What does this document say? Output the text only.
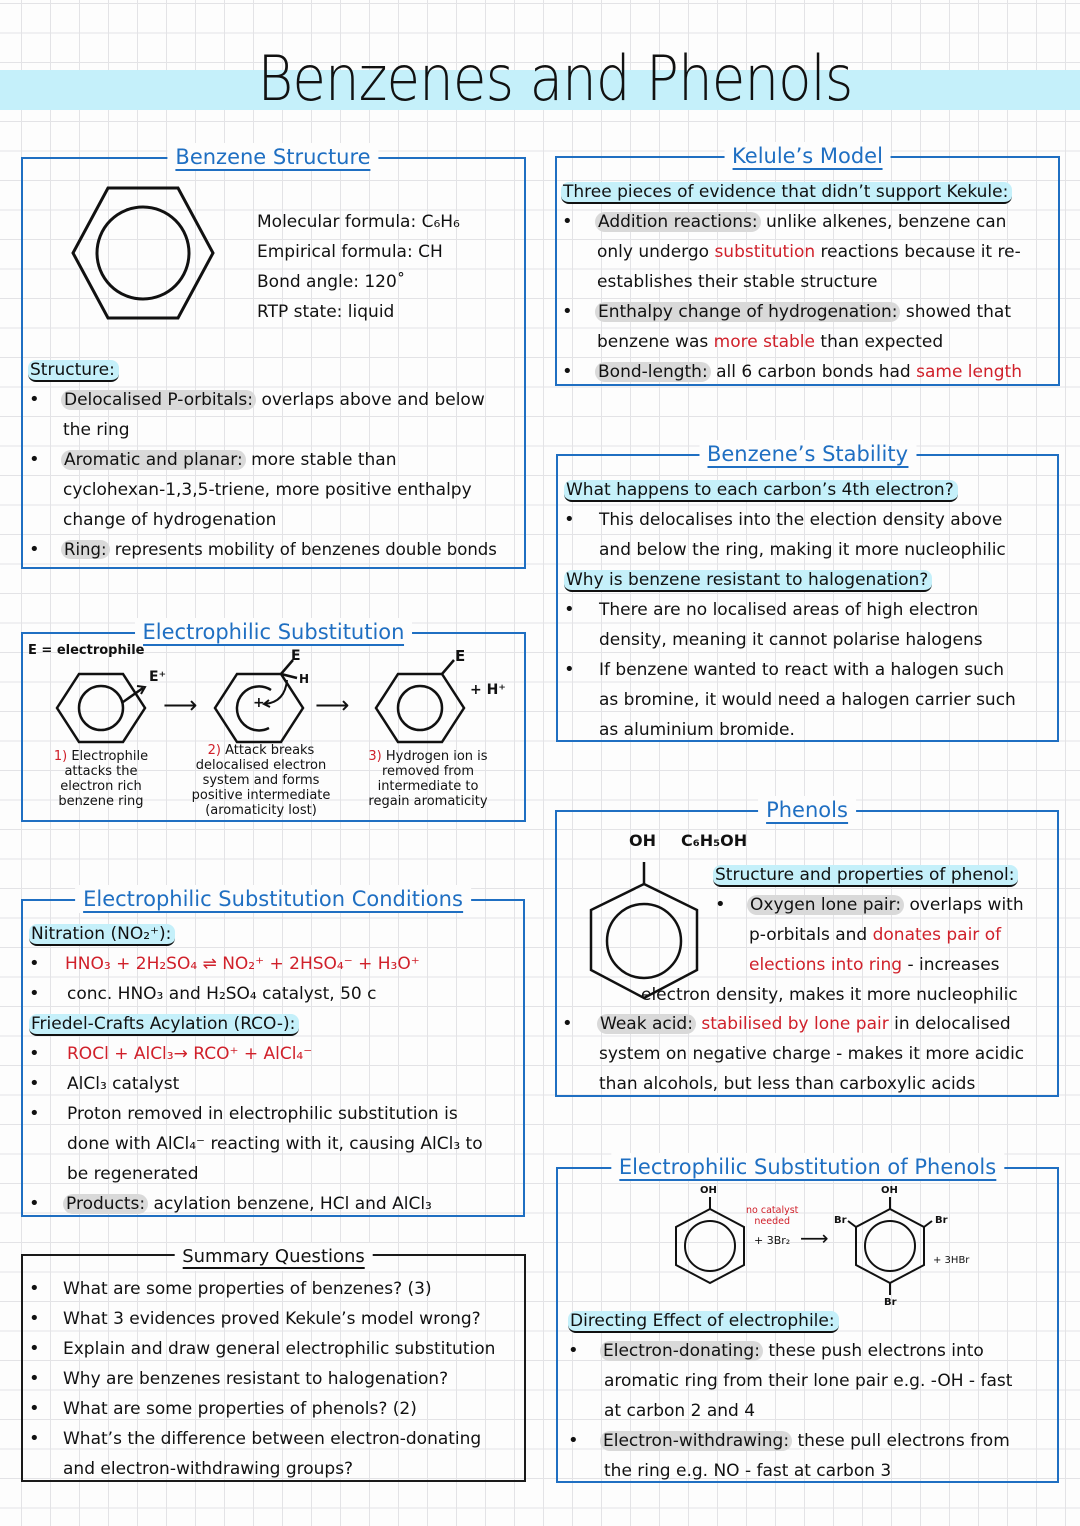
Benzenes and Phenols
Benzene Structure
Molecular formula: C₆H₆
Empirical formula: CH
Bond angle: 120˚
RTP state: liquid
Structure:
• Delocalised P-orbitals: overlaps above and below
the ring
• Aromatic and planar: more stable than
cyclohexan-1,3,5-triene, more positive enthalpy
change of hydrogenation
• Ring: represents mobility of benzenes double bonds
Kelule’s Model
Three pieces of evidence that didn’t support Kekule:
• Addition reactions: unlike alkenes, benzene can
only undergo substitution reactions because it re-
establishes their stable structure
• Enthalpy change of hydrogenation: showed that
benzene was more stable than expected
• Bond-length: all 6 carbon bonds had same length
Electrophilic Substitution
E = electrophile
E⁺
⟶	+
E
H
⟶
E
+ H⁺
1) Electrophile
attacks the
electron rich
benzene ring
2) Attack breaks
delocalised electron
system and forms
positive intermediate
(aromaticity lost)
3) Hydrogen ion is
removed from
intermediate to
regain aromaticity
Benzene’s Stability
What happens to each carbon’s 4th electron?
• This delocalises into the election density above
and below the ring, making it more nucleophilic
Why is benzene resistant to halogenation?
• There are no localised areas of high electron
density, meaning it cannot polarise halogens
• If benzene wanted to react with a halogen such
as bromine, it would need a halogen carrier such
as aluminium bromide.
Electrophilic Substitution Conditions
Nitration (NO₂⁺):
• HNO₃ + 2H₂SO₄ ⇌ NO₂⁺ + 2HSO₄⁻ + H₃O⁺
• conc. HNO₃ and H₂SO₄ catalyst, 50 c
Friedel-Crafts Acylation (RCO-):
• ROCl + AlCl₃→ RCO⁺ + AlCl₄⁻
• AlCl₃ catalyst
• Proton removed in electrophilic substitution is
done with AlCl₄⁻ reacting with it, causing AlCl₃ to
be regenerated
• Products: acylation benzene, HCl and AlCl₃
Phenols
OH C₆H₅OH
Structure and properties of phenol:
• Oxygen lone pair: overlaps with
p-orbitals and donates pair of
elections into ring - increases
electron density, makes it more nucleophilic
• Weak acid: stabilised by lone pair in delocalised
system on negative charge - makes it more acidic
than alcohols, but less than carboxylic acids
Summary Questions
• What are some properties of benzenes? (3)
• What 3 evidences proved Kekule’s model wrong?
• Explain and draw general electrophilic substitution
• Why are benzenes resistant to halogenation?
• What are some properties of phenols? (2)
• What’s the difference between electron-donating
and electron-withdrawing groups?
Electrophilic Substitution of Phenols
OH
no catalyst
needed
+ 3Br₂ ⟶
OH
Br	Br
Br
+ 3HBr
Directing Effect of electrophile:
• Electron-donating: these push electrons into
aromatic ring from their lone pair e.g. -OH - fast
at carbon 2 and 4
• Electron-withdrawing: these pull electrons from
the ring e.g. NO - fast at carbon 3
